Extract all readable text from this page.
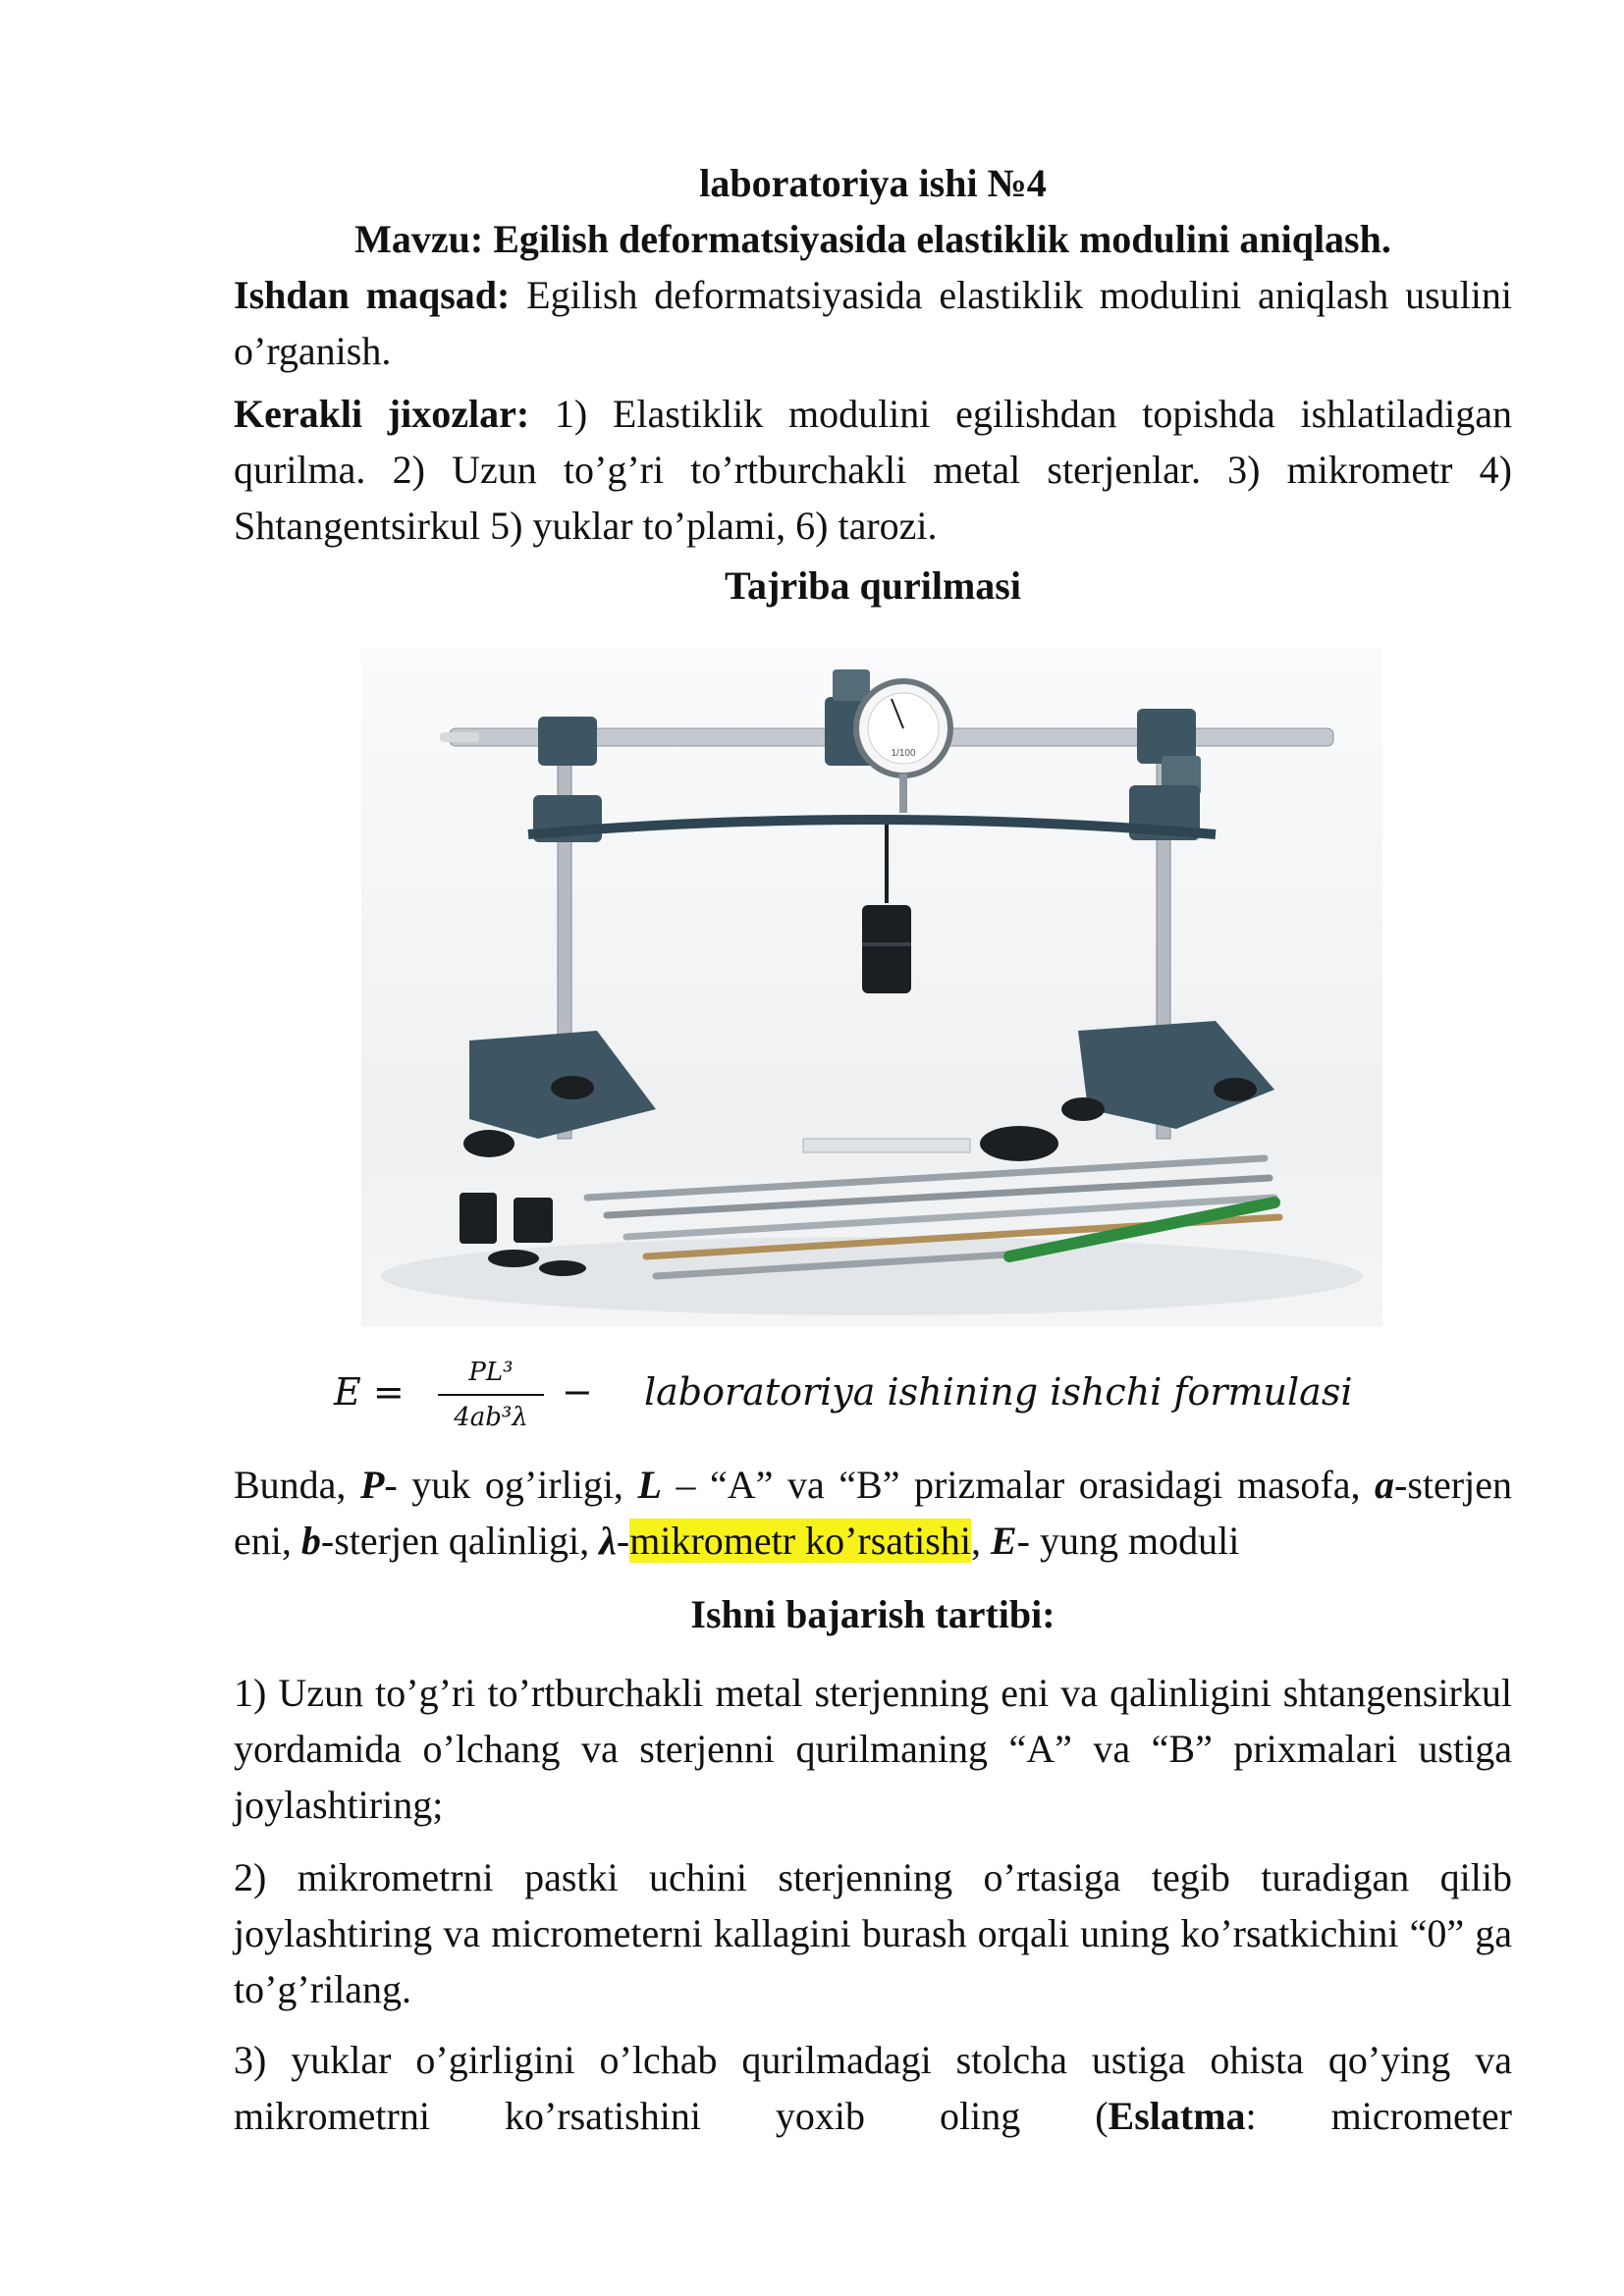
laboratoriya ishi №4
Mavzu: Egilish deformatsiyasida elastiklik modulini aniqlash.
Ishdan maqsad: Egilish deformatsiyasida elastiklik modulini aniqlash usulini o’rganish.
Kerakli jixozlar: 1) Elastiklik modulini egilishdan topishda ishlatiladigan qurilma. 2) Uzun to’g’ri to’rtburchakli metal sterjenlar. 3) mikrometr 4) Shtangentsirkul 5) yuklar to’plami, 6) tarozi.
Tajriba qurilmasi
1/100
E =	PL³
4ab³λ
− laboratoriya ishining ishchi formulasi
Bunda, P- yuk og’irligi, L – “A” va “B” prizmalar orasidagi masofa, a-sterjen eni, b-sterjen qalinligi, λ-mikrometr ko’rsatishi, E- yung moduli
Ishni bajarish tartibi:
1) Uzun to’g’ri to’rtburchakli metal sterjenning eni va qalinligini shtangensirkul yordamida o’lchang va sterjenni qurilmaning “A” va “B” prixmalari ustiga joylashtiring;
2) mikrometrni pastki uchini sterjenning o’rtasiga tegib turadigan qilib joylashtiring va micrometerni kallagini burash orqali uning ko’rsatkichini “0” ga to’g’rilang.
3) yuklar o’girligini o’lchab qurilmadagi stolcha ustiga ohista qo’ying va mikrometrni ko’rsatishini yoxib oling (Eslatma: micrometer
